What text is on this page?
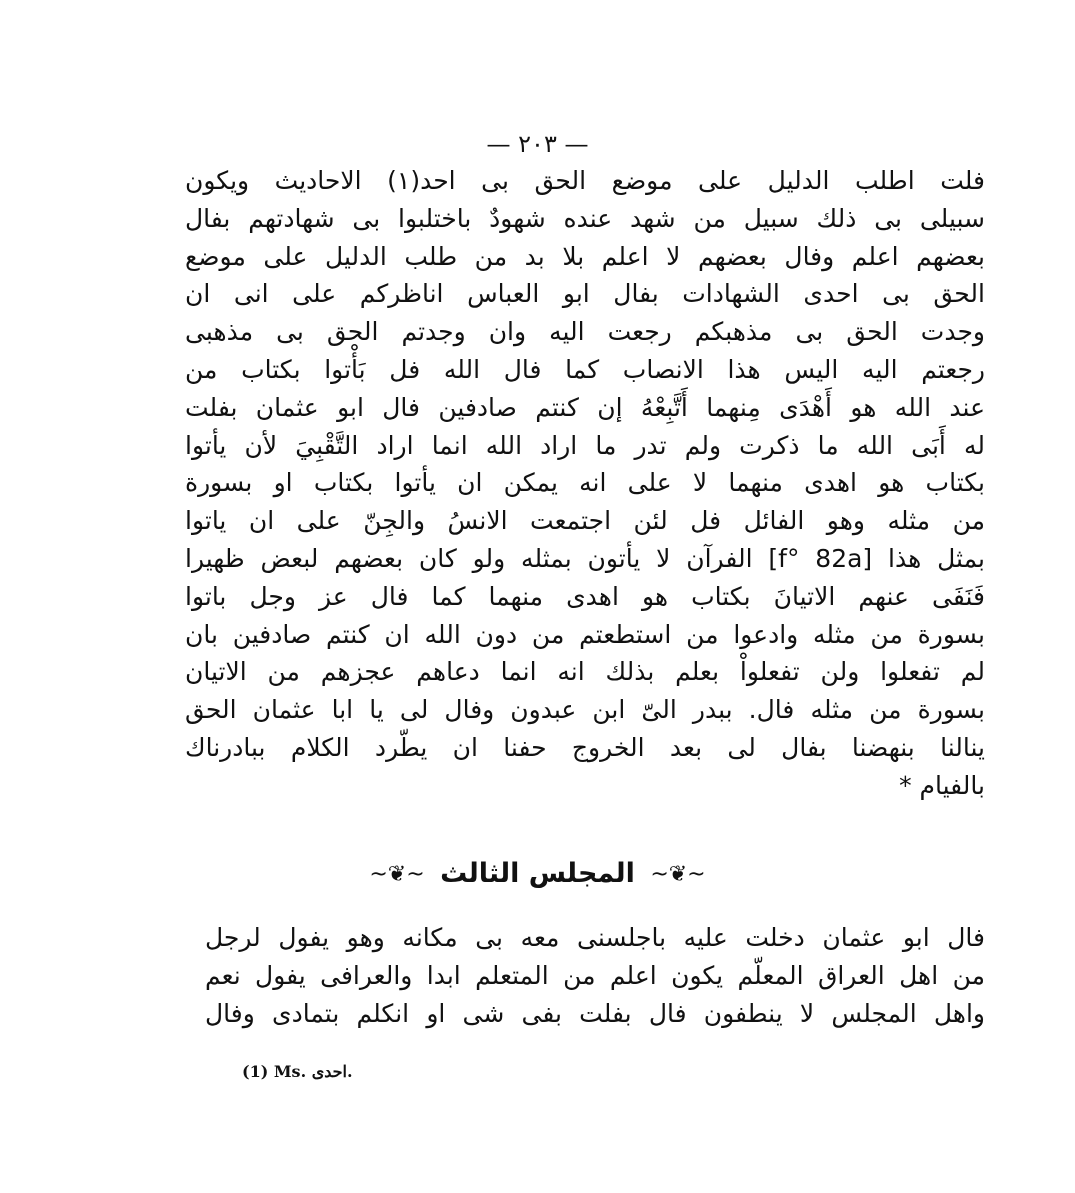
— ٢٠٣ —
فلت اطلب الدليل على موضع الحق بى احد(١) الاحاديث ويكون
سبيلى بى ذلك سبيل من شهد عنده شهودٌ باختلبوا بى شهادتهم بفال
بعضهم اعلم وفال بعضهم لا اعلم بلا بد من طلب الدليل على موضع
الحق بى احدى الشهادات بفال ابو العباس اناظركم على انى ان
وجدت الحق بى مذهبكم رجعت اليه وان وجدتم الحق بى مذهبى
رجعتم اليه اليس هذا الانصاب كما فال الله فل بَأْتوا بكتاب من
عند الله هو أَهْدَى مِنهما أَتَّبِعْهُ إن كنتم صادفين فال ابو عثمان بفلت
له أَبَى الله ما ذكرت ولم تدر ما اراد الله انما اراد التَّقْبِيَ لأن يأتوا
بكتاب هو اهدى منهما لا على انه يمكن ان يأتوا بكتاب او بسورة
من مثله وهو الفائل فل لئن اجتمعت الانسُ والجِنّ على ان ياتوا
بمثل هذا [f° 82a] الفرآن لا يأتون بمثله ولو كان بعضهم لبعض ظهيرا
فَنَفَى عنهم الاتيانَ بكتاب هو اهدى منهما كما فال عز وجل باتوا
بسورة من مثله وادعوا من استطعتم من دون الله ان كنتم صادفين بان
لم تفعلوا ولن تفعلواْ بعلم بذلك انه انما دعاهم عجزهم من الاتيان
بسورة من مثله فال. ببدر الىّ ابن عبدون وفال لى يا ابا عثمان الحق
ينالنا بنهضنا بفال لى بعد الخروج حفنا ان يطّرد الكلام ببادرناك
بالفيام *
~❦~ المجلس الثالث ~❦~
فال ابو عثمان دخلت عليه باجلسنى معه بى مكانه وهو يفول لرجل
من اهل العراق المعلّم يكون اعلم من المتعلم ابدا والعرافى يفول نعم
واهل المجلس لا ينطفون فال بفلت بفى شى او انكلم بتمادى وفال
(1) Ms. احدى.
